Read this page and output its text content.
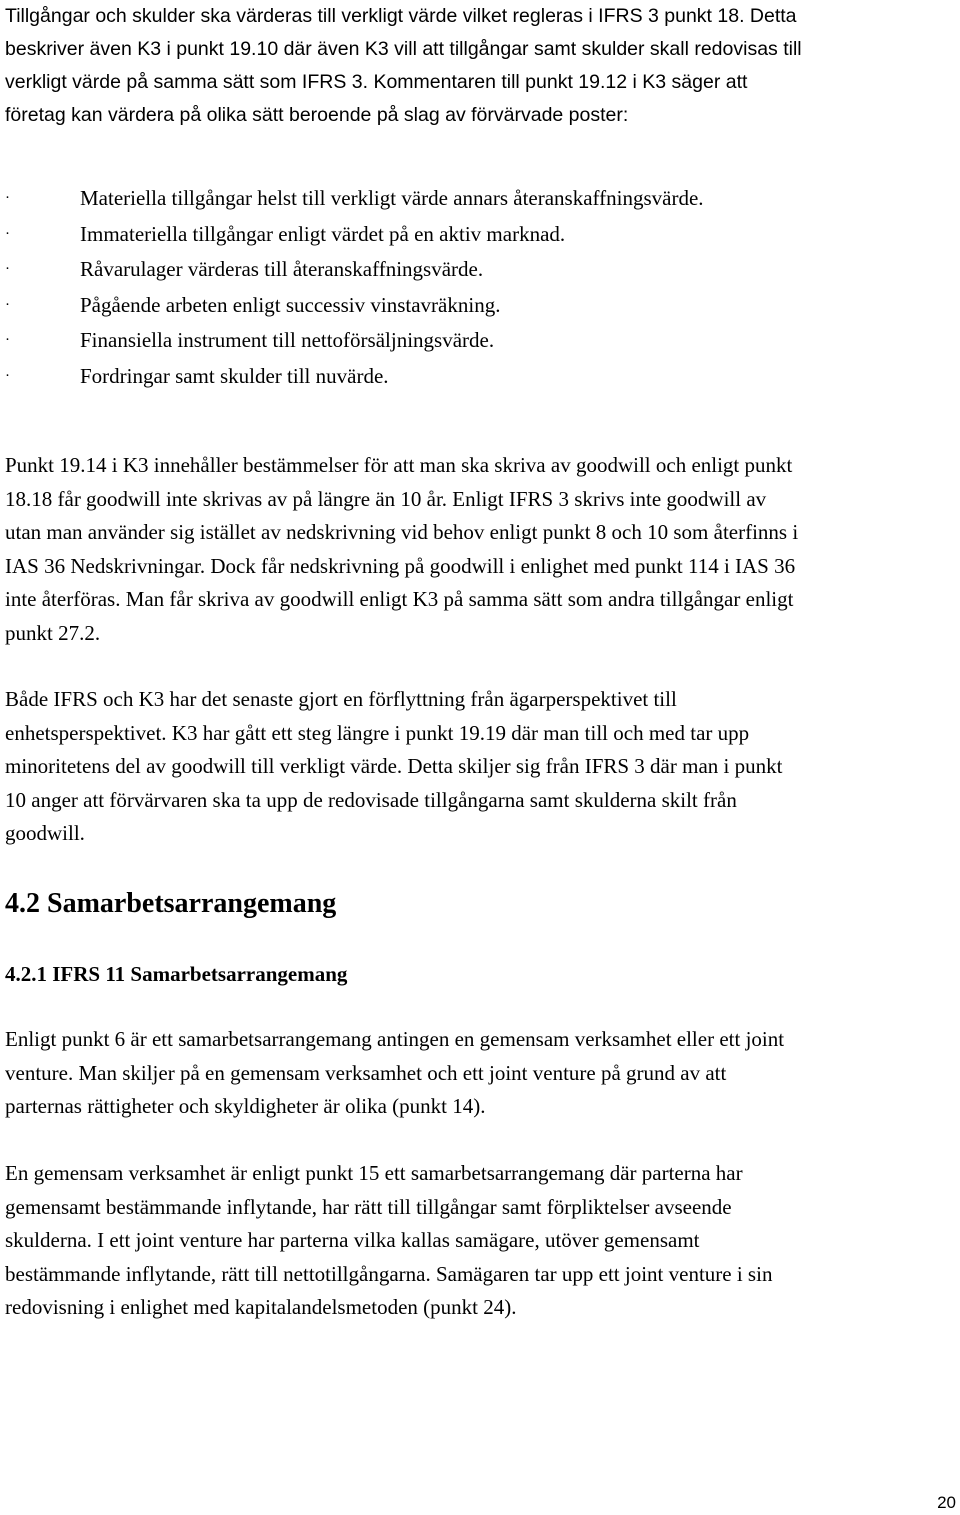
Tillgångar och skulder ska värderas till verkligt värde vilket regleras i IFRS 3 punkt 18. Detta
beskriver även K3 i punkt 19.10 där även K3 vill att tillgångar samt skulder skall redovisas till
verkligt värde på samma sätt som IFRS 3. Kommentaren till punkt 19.12 i K3 säger att
företag kan värdera på olika sätt beroende på slag av förvärvade poster:

·	Materiella tillgångar helst till verkligt värde annars återanskaffningsvärde.
·	Immateriella tillgångar enligt värdet på en aktiv marknad.
·	Råvarulager värderas till återanskaffningsvärde.
·	Pågående arbeten enligt successiv vinstavräkning.
·	Finansiella instrument till nettoförsäljningsvärde.
·	Fordringar samt skulder till nuvärde.

Punkt 19.14 i K3 innehåller bestämmelser för att man ska skriva av goodwill och enligt punkt
18.18 får goodwill inte skrivas av på längre än 10 år. Enligt IFRS 3 skrivs inte goodwill av
utan man använder sig istället av nedskrivning vid behov enligt punkt 8 och 10 som återfinns i
IAS 36 Nedskrivningar. Dock får nedskrivning på goodwill i enlighet med punkt 114 i IAS 36
inte återföras. Man får skriva av goodwill enligt K3 på samma sätt som andra tillgångar enligt
punkt 27.2.

Både IFRS och K3 har det senaste gjort en förflyttning från ägarperspektivet till
enhetsperspektivet. K3 har gått ett steg längre i punkt 19.19 där man till och med tar upp
minoritetens del av goodwill till verkligt värde. Detta skiljer sig från IFRS 3 där man i punkt
10 anger att förvärvaren ska ta upp de redovisade tillgångarna samt skulderna skilt från
goodwill.

4.2 Samarbetsarrangemang
4.2.1 IFRS 11 Samarbetsarrangemang

Enligt punkt 6 är ett samarbetsarrangemang antingen en gemensam verksamhet eller ett joint
venture. Man skiljer på en gemensam verksamhet och ett joint venture på grund av att
parternas rättigheter och skyldigheter är olika (punkt 14).

En gemensam verksamhet är enligt punkt 15 ett samarbetsarrangemang där parterna har
gemensamt bestämmande inflytande, har rätt till tillgångar samt förpliktelser avseende
skulderna. I ett joint venture har parterna vilka kallas samägare, utöver gemensamt
bestämmande inflytande, rätt till nettotillgångarna. Samägaren tar upp ett joint venture i sin
redovisning i enlighet med kapitalandelsmetoden (punkt 24).

20
